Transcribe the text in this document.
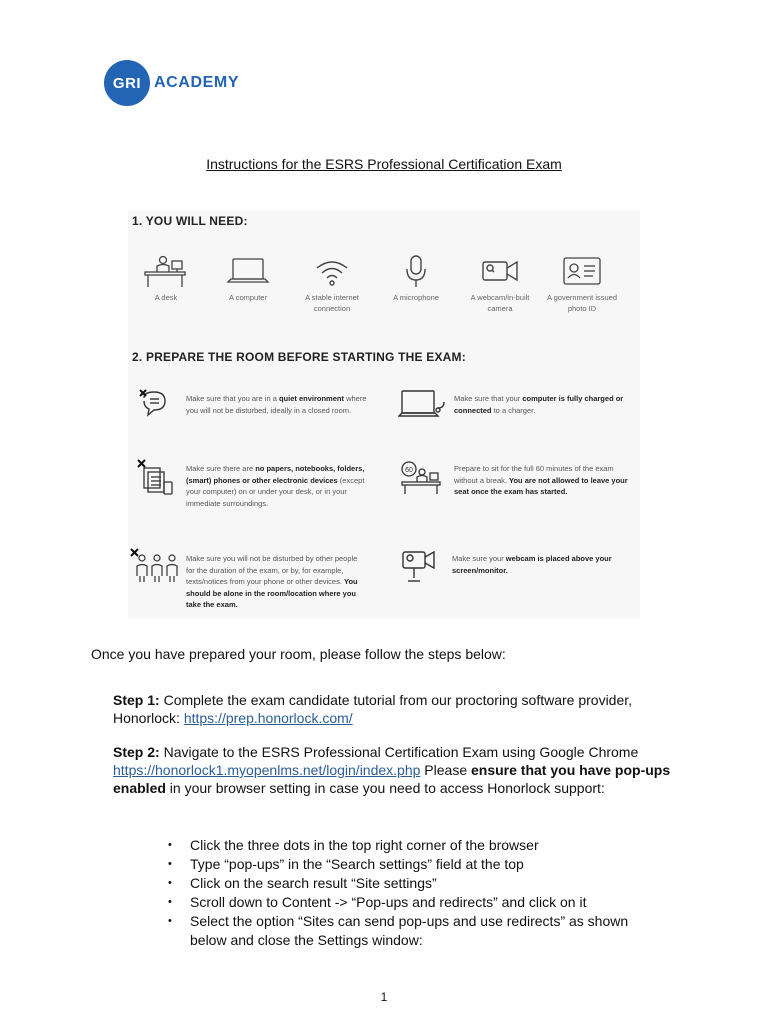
GRI ACADEMY
Instructions for the ESRS Professional Certification Exam
1. YOU WILL NEED:
A desk	A computer	A stable internet connection
A microphone	A webcam/in-built camera
A government issued photo ID
2. PREPARE THE ROOM BEFORE STARTING THE EXAM:
Make sure that you are in a quiet environment where you will not be disturbed, ideally in a closed room.
Make sure that your computer is fully charged or connected to a charger.
Make sure there are no papers, notebooks, folders, (smart) phones or other electronic devices (except your computer) on or under your desk, or in your immediate surroundings.
60	Prepare to sit for the full 60 minutes of the exam without a break. You are not allowed to leave your seat once the exam has started.
Make sure you will not be disturbed by other people for the duration of the exam, or by, for example, texts/notices from your phone or other devices. You should be alone in the room/location where you take the exam.
Make sure your webcam is placed above your screen/monitor.
Once you have prepared your room, please follow the steps below:
Step 1: Complete the exam candidate tutorial from our proctoring software provider, Honorlock: https://prep.honorlock.com/
Step 2: Navigate to the ESRS Professional Certification Exam using Google Chrome https://honorlock1.myopenlms.net/login/index.php Please ensure that you have pop-ups enabled in your browser setting in case you need to access Honorlock support:
• Click the three dots in the top right corner of the browser
• Type “pop-ups” in the “Search settings” field at the top
• Click on the search result “Site settings”
• Scroll down to Content -> “Pop-ups and redirects” and click on it
• Select the option “Sites can send pop-ups and use redirects” as shown below and close the Settings window:
1
